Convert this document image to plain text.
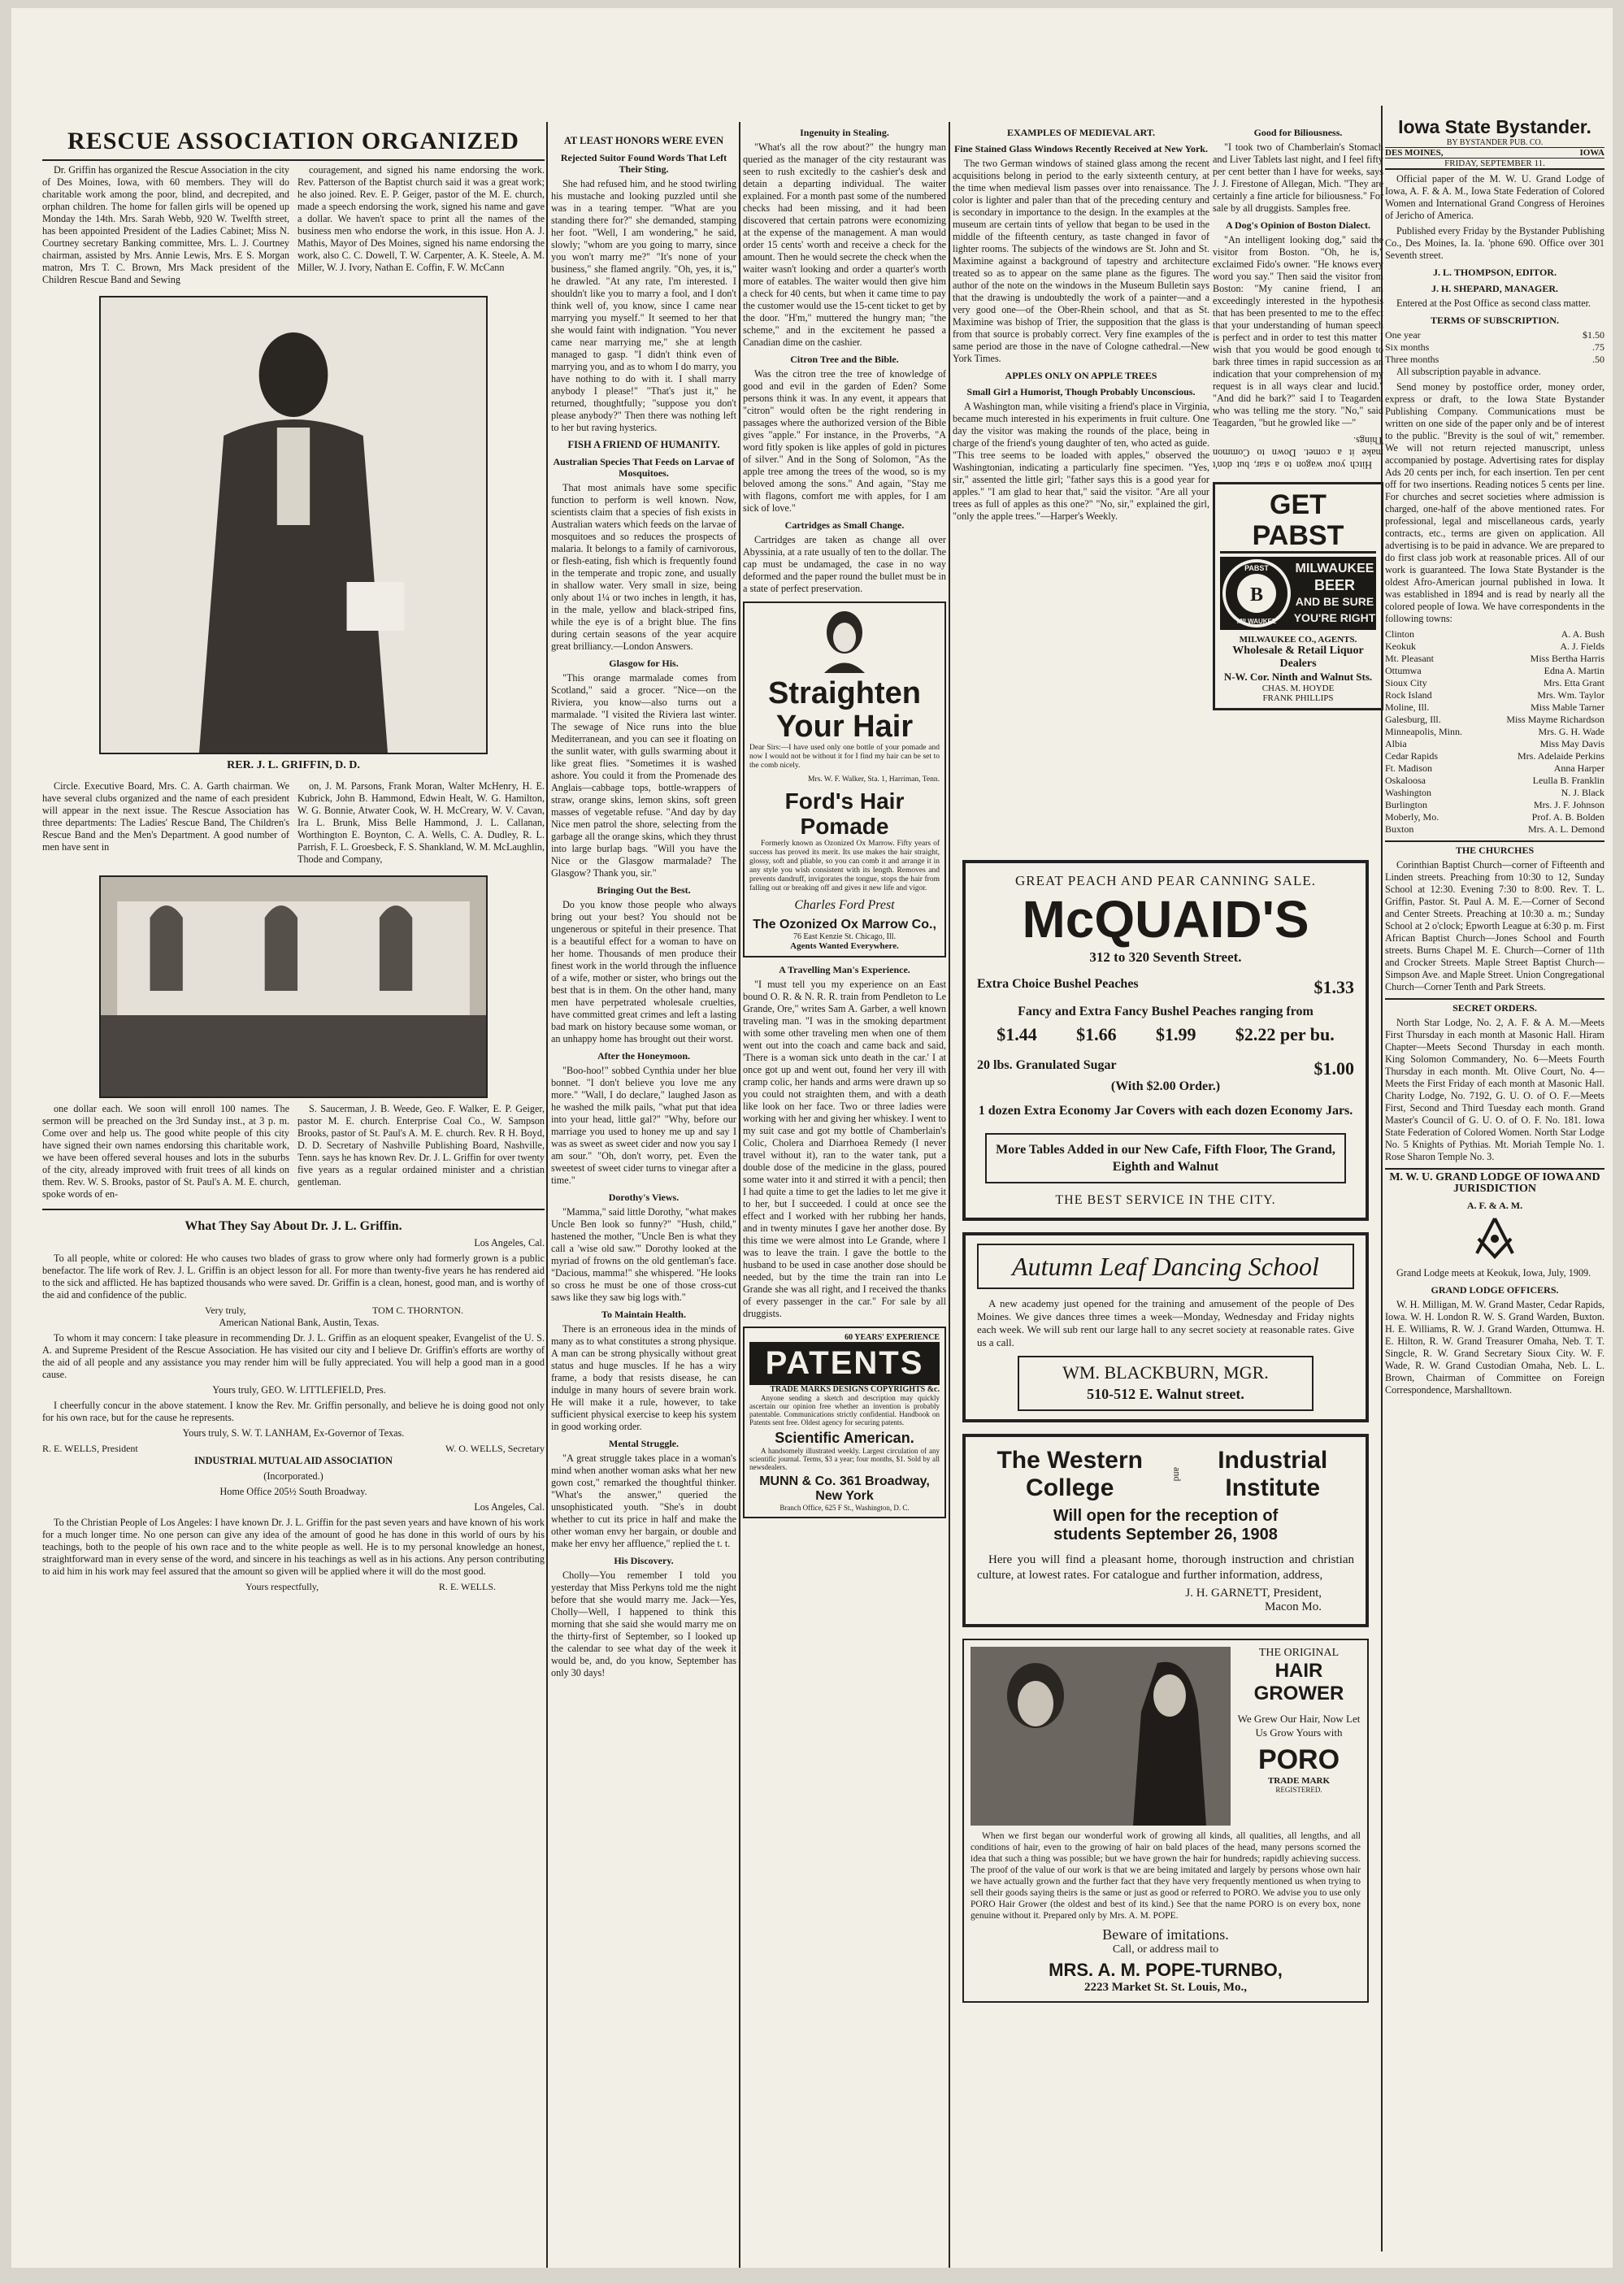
RESCUE ASSOCIATION ORGANIZED

Dr. Griffin has organized the Rescue Association in the city of Des Moines, Iowa, with 60 members. They will do charitable work among the poor, blind, and decrepited, and orphan children. The home for fallen girls will be opened up Monday the 14th. Mrs. Sarah Webb, 920 W. Twelfth street, has been appointed President of the Ladies Cabinet; Miss N. Courtney secretary Banking committee, Mrs. L. J. Courtney chairman, assisted by Mrs. Annie Lewis, Mrs. E S. Morgan matron, Mrs T. C. Brown, Mrs Mack president of the Children Rescue Band and Sewing

couragement, and signed his name endorsing the work. Rev. Patterson of the Baptist church said it was a great work; he also joined. Rev. E. P. Geiger, pastor of the M. E. church, made a speech endorsing the work, signed his name and gave a dollar. We haven't space to print all the names of the business men who endorse the work, in this issue. Hon A. J. Mathis, Mayor of Des Moines, signed his name endorsing the work, also C. C. Dowell, T. W. Carpenter, A. K. Steele, A. M. Miller, W. J. Ivory, Nathan E. Coffin, F. W. McCann

RER. J. L. GRIFFIN, D. D.

Circle. Executive Board, Mrs. C. A. Garth chairman. We have several clubs organized and the name of each president will appear in the next issue. The Rescue Association has three departments: The Ladies' Rescue Band, The Children's Rescue Band and the Men's Department. A good number of men have sent in

on, J. M. Parsons, Frank Moran, Walter McHenry, H. E. Kubrick, John B. Hammond, Edwin Healt, W. G. Hamilton, W. G. Bonnie, Atwater Cook, W. H. McCreary, W. V. Cavan, Ira L. Brunk, Miss Belle Hammond, J. L. Callanan, Worthington E. Boynton, C. A. Wells, C. A. Dudley, R. L. Parrish, F. L. Groesbeck, F. S. Shankland, W. M. McLaughlin, Thode and Company,

one dollar each. We soon will enroll 100 names. The sermon will be preached on the 3rd Sunday inst., at 3 p. m. Come over and help us. The good white people of this city have signed their own names endorsing this charitable work, we have been offered several houses and lots in the suburbs of the city, already improved with fruit trees of all kinds on them. Rev. W. S. Brooks, pastor of St. Paul's A. M. E. church, spoke words of en-

S. Saucerman, J. B. Weede, Geo. F. Walker, E. P. Geiger, pastor M. E. church. Enterprise Coal Co., W. Sampson Brooks, pastor of St. Paul's A. M. E. church. Rev. R H. Boyd, D. D. Secretary of Nashville Publishing Board, Nashville, Tenn. says he has known Rev. Dr. J. L. Griffin for over twenty five years as a regular ordained minister and a christian gentleman.

What They Say About Dr. J. L. Griffin.

Los Angeles, Cal.

To all people, white or colored: He who causes two blades of grass to grow where only had formerly grown is a public benefactor. The life work of Rev. J. L. Griffin is an object lesson for all. For more than twenty-five years he has rendered aid to the sick and afflicted. He has baptized thousands who were saved. Dr. Griffin is a clean, honest, good man, and is worthy of the aid and confidence of the public.

Very truly,	TOM C. THORNTON.

American National Bank, Austin, Texas.

To whom it may concern: I take pleasure in recommending Dr. J. L. Griffin as an eloquent speaker, Evangelist of the U. S. A. and Supreme President of the Rescue Association. He has visited our city and I believe Dr. Griffin's efforts are worthy of the aid of all people and any assistance you may render him will be fully appreciated. You will help a good man in a good cause.

Yours truly, GEO. W. LITTLEFIELD, Pres.

I cheerfully concur in the above statement. I know the Rev. Mr. Griffin personally, and believe he is doing good not only for his own race, but for the cause he represents.

Yours truly, S. W. T. LANHAM, Ex-Governor of Texas.

R. E. WELLS, President	W. O. WELLS, Secretary

INDUSTRIAL MUTUAL AID ASSOCIATION

(Incorporated.)

Home Office 205½ South Broadway.

Los Angeles, Cal.

To the Christian People of Los Angeles: I have known Dr. J. L. Griffin for the past seven years and have known of his work for a much longer time. No one person can give any idea of the amount of good he has done in this world of ours by his teachings, both to the people of his own race and to the white people as well. He is to my personal knowledge an honest, straightforward man in every sense of the word, and sincere in his teachings as well as in his actions. Any person contributing to aid him in his work may feel assured that the amount so given will be applied where it will do the most good.

Yours respectfully,	R. E. WELLS.
AT LEAST HONORS WERE EVEN
Rejected Suitor Found Words That Left Their Sting.

She had refused him, and he stood twirling his mustache and looking puzzled until she was in a tearing temper. "What are you standing there for?" she demanded, stamping her foot. "Well, I am wondering," he said, slowly; "whom are you going to marry, since you won't marry me?" "It's none of your business," she flamed angrily. "Oh, yes, it is," he drawled. "At any rate, I'm interested. I shouldn't like you to marry a fool, and I don't think well of, you know, since I came near marrying you myself." It seemed to her that she would faint with indignation. "You never came near marrying me," she at length managed to gasp. "I didn't think even of marrying you, and as to whom I do marry, you have nothing to do with it. I shall marry anybody I please!" "That's just it," he returned, thoughtfully; "suppose you don't please anybody?" Then there was nothing left to her but raving hysterics.

FISH A FRIEND OF HUMANITY.
Australian Species That Feeds on Larvae of Mosquitoes.

That most animals have some specific function to perform is well known. Now, scientists claim that a species of fish exists in Australian waters which feeds on the larvae of mosquitoes and so reduces the prospects of malaria. It belongs to a family of carnivorous, or flesh-eating, fish which is frequently found in the temperate and tropic zone, and usually in shallow water. Very small in size, being only about 1¼ or two inches in length, it has, in the male, yellow and black-striped fins, while the eye is of a bright blue. The fins during certain seasons of the year acquire great brilliancy.—London Answers.

Glasgow for His.

"This orange marmalade comes from Scotland," said a grocer. "Nice—on the Riviera, you know—also turns out a marmalade. "I visited the Riviera last winter. The sewage of Nice runs into the blue Mediterranean, and you can see it floating on the sunlit water, with gulls swarming about it like great flies. "Sometimes it is washed ashore. You could it from the Promenade des Anglais—cabbage tops, bottle-wrappers of straw, orange skins, lemon skins, soft green masses of vegetable refuse. "And day by day Nice men patrol the shore, selecting from the garbage all the orange skins, which they thrust into large burlap bags. "Will you have the Nice or the Glasgow marmalade? The Glasgow? Thank you, sir."

Bringing Out the Best.

Do you know those people who always bring out your best? You should not be ungenerous or spiteful in their presence. That is a beautiful effect for a woman to have on her home. Thousands of men produce their finest work in the world through the influence of a wife, mother or sister, who brings out the best that is in them. On the other hand, many men have perpetrated wholesale cruelties, have committed great crimes and left a lasting bad mark on history because some woman, or an unhappy home has brought out their worst.

After the Honeymoon.

"Boo-hoo!" sobbed Cynthia under her blue bonnet. "I don't believe you love me any more." "Wall, I do declare," laughed Jason as he washed the milk pails, "what put that idea into your head, little gal?" "Why, before our marriage you used to honey me up and say I was as sweet as sweet cider and now you say I am sour." "Oh, don't worry, pet. Even the sweetest of sweet cider turns to vinegar after a time."

Dorothy's Views.

"Mamma," said little Dorothy, "what makes Uncle Ben look so funny?" "Hush, child," hastened the mother, "Uncle Ben is what they call a 'wise old saw.'" Dorothy looked at the myriad of frowns on the old gentleman's face. "Dacious, mamma!" she whispered. "He looks so cross he must be one of those cross-cut saws like they saw big logs with."

To Maintain Health.

There is an erroneous idea in the minds of many as to what constitutes a strong physique. A man can be strong physically without great status and huge muscles. If he has a wiry frame, a body that resists disease, he can indulge in many hours of severe brain work. He will make it a rule, however, to take sufficient physical exercise to keep his system in good working order.

Mental Struggle.

"A great struggle takes place in a woman's mind when another woman asks what her new gown cost," remarked the thoughtful thinker. "What's the answer," queried the unsophisticated youth. "She's in doubt whether to cut its price in half and make the other woman envy her bargain, or double and make her envy her affluence," replied the t. t.

His Discovery.

Cholly—You remember I told you yesterday that Miss Perkyns told me the night before that she would marry me. Jack—Yes, Cholly—Well, I happened to think this morning that she said she would marry me on the thirty-first of September, so I looked up the calendar to see what day of the week it would be, and, do you know, September has only 30 days!

Ingenuity in Stealing.

"What's all the row about?" the hungry man queried as the manager of the city restaurant was seen to rush excitedly to the cashier's desk and detain a departing individual. The waiter explained. For a month past some of the numbered checks had been missing, and it had been discovered that certain patrons were economizing at the expense of the management. A man would order 15 cents' worth and receive a check for the amount. Then he would secrete the check when the waiter wasn't looking and order a quarter's worth more of eatables. The waiter would then give him a check for 40 cents, but when it came time to pay the customer would use the 15-cent ticket to get by the door. "H'm," muttered the hungry man; "the scheme," and in the excitement he passed a Canadian dime on the cashier.

Citron Tree and the Bible.

Was the citron tree the tree of knowledge of good and evil in the garden of Eden? Some persons think it was. In any event, it appears that "citron" would often be the right rendering in passages where the authorized version of the Bible gives "apple." For instance, in the Proverbs, "A word fitly spoken is like apples of gold in pictures of silver." And in the Song of Solomon, "As the apple tree among the trees of the wood, so is my beloved among the sons." And again, "Stay me with flagons, comfort me with apples, for I am sick of love."

Cartridges as Small Change.

Cartridges are taken as change all over Abyssinia, at a rate usually of ten to the dollar. The cap must be undamaged, the case in no way deformed and the paper round the bullet must be in a state of perfect preservation.

Straighten
Your Hair

Dear Sirs:—I have used only one bottle of your pomade and now I would not be without it for I find my hair can be set to the comb nicely.

Mrs. W. F. Walker, Sta. 1, Harriman, Tenn.

Ford's Hair
Pomade

Formerly known as Ozonized Ox Marrow. Fifty years of success has proved its merit. Its use makes the hair straight, glossy, soft and pliable, so you can comb it and arrange it in any style you wish consistent with its length. Removes and prevents dandruff, invigorates the tongue, stops the hair from falling out or breaking off and gives it new life and vigor.

Charles Ford Prest
The Ozonized Ox Marrow Co.,
76 East Kenzie St. Chicago, Ill.
Agents Wanted Everywhere.
A Travelling Man's Experience.

"I must tell you my experience on an East bound O. R. & N. R. R. train from Pendleton to Le Grande, Ore," writes Sam A. Garber, a well known traveling man. "I was in the smoking department with some other traveling men when one of them went out into the coach and came back and said, 'There is a woman sick unto death in the car.' I at once got up and went out, found her very ill with cramp colic, her hands and arms were drawn up so you could not straighten them, and with a death like look on her face. Two or three ladies were working with her and giving her whiskey. I went to my suit case and got my bottle of Chamberlain's Colic, Cholera and Diarrhoea Remedy (I never travel without it), ran to the water tank, put a double dose of the medicine in the glass, poured some water into it and stirred it with a pencil; then I had quite a time to get the ladies to let me give it to her, but I succeeded. I could at once see the effect and I worked with her rubbing her hands, and in twenty minutes I gave her another dose. By this time we were almost into Le Grande, where I was to leave the train. I gave the bottle to the husband to be used in case another dose should be needed, but by the time the train ran into Le Grande she was all right, and I received the thanks of every passenger in the car." For sale by all druggists.

60 YEARS' EXPERIENCE
PATENTS
TRADE MARKS DESIGNS COPYRIGHTS &c.

Anyone sending a sketch and description may quickly ascertain our opinion free whether an invention is probably patentable. Communications strictly confidential. Handbook on Patents sent free. Oldest agency for securing patents.

Scientific American.

A handsomely illustrated weekly. Largest circulation of any scientific journal. Terms, $3 a year; four months, $1. Sold by all newsdealers.

MUNN & Co. 361 Broadway, New York
Branch Office, 625 F St., Washington, D. C.
EXAMPLES OF MEDIEVAL ART.
Fine Stained Glass Windows Recently Received at New York.

The two German windows of stained glass among the recent acquisitions belong in period to the early sixteenth century, at the time when medieval lism passes over into renaissance. The color is lighter and paler than that of the preceding century and is secondary in importance to the design. In the examples at the museum are certain tints of yellow that began to be used in the middle of the fifteenth century, as taste changed in favor of lighter rooms. The subjects of the windows are St. John and St. Maximine against a background of tapestry and architecture treated so as to appear on the same plane as the figures. The author of the note on the windows in the Museum Bulletin says that the drawing is undoubtedly the work of a painter—and a very good one—of the Ober-Rhein school, and that as St. Maximine was bishop of Trier, the supposition that the glass is from that source is probably correct. Very fine examples of the same period are those in the nave of Cologne cathedral.—New York Times.

APPLES ONLY ON APPLE TREES
Small Girl a Humorist, Though Probably Unconscious.

A Washington man, while visiting a friend's place in Virginia, became much interested in his experiments in fruit culture. One day the visitor was making the rounds of the place, being in charge of the friend's young daughter of ten, who acted as guide. "This tree seems to be loaded with apples," observed the Washingtonian, indicating a particularly fine specimen. "Yes, sir," assented the little girl; "father says this is a good year for apples." "I am glad to hear that," said the visitor. "Are all your trees as full of apples as this one?" "No, sir," explained the girl, "only the apple trees."—Harper's Weekly.

GREAT PEACH AND PEAR CANNING SALE.
McQUAID'S
312 to 320 Seventh Street.
Extra Choice Bushel Peaches	$1.33
Fancy and Extra Fancy Bushel Peaches ranging from
$1.44 $1.66 $1.99 $2.22 per bu.
20 lbs. Granulated Sugar	$1.00
(With $2.00 Order.)
1 dozen Extra Economy Jar Covers with each dozen Economy Jars.
More Tables Added in our New Cafe, Fifth Floor, The Grand, Eighth and Walnut
THE BEST SERVICE IN THE CITY.
Autumn Leaf Dancing School

A new academy just opened for the training and amusement of the people of Des Moines. We give dances three times a week—Monday, Wednesday and Friday nights each week. We will sub rent our large hall to any secret society at reasonable rates. Give us a call.

WM. BLACKBURN, MGR.
510-512 E. Walnut street.
The Western College
and
Industrial Institute
Will open for the reception of
students September 26, 1908

Here you will find a pleasant home, thorough instruction and christian culture, at lowest rates. For catalogue and further information, address,

J. H. GARNETT, President,
Macon Mo.
THE ORIGINAL
HAIR GROWER
We Grew Our Hair, Now Let Us Grow Yours with
PORO
TRADE MARK
REGISTERED.

When we first began our wonderful work of growing all kinds, all qualities, all lengths, and all conditions of hair, even to the growing of hair on bald places of the head, many persons scorned the idea that such a thing was possible; but we have grown the hair for hundreds; rapidly achieving success. The proof of the value of our work is that we are being imitated and largely by persons whose own hair we have actually grown and the further fact that they have very frequently mentioned us when trying to sell their goods saying theirs is the same or just as good or referred to PORO. We advise you to use only PORO Hair Grower (the oldest and best of its kind.) See that the name PORO is on every box, none genuine without it. Prepared only by Mrs. A. M. POPE.

Beware of imitations.
Call, or address mail to
MRS. A. M. POPE-TURNBO,
2223 Market St. St. Louis, Mo.,
Good for Biliousness.

"I took two of Chamberlain's Stomach and Liver Tablets last night, and I feel fifty per cent better than I have for weeks, says J. J. Firestone of Allegan, Mich. "They are certainly a fine article for biliousness." For sale by all druggists. Samples free.

A Dog's Opinion of Boston Dialect.

"An intelligent looking dog," said the visitor from Boston. "Oh, he is," exclaimed Fido's owner. "He knows every word you say." Then said the visitor from Boston: "My canine friend, I am exceedingly interested in the hypothesis that has been presented to me to the effect that your understanding of human speech is perfect and in order to test this matter I wish that you would be good enough to bark three times in rapid succession as an indication that your comprehension of my request is in all ways clear and lucid." "And did he bark?" said I to Teagarden, who was telling me the story. "No," said Teagarden, "but he growled like —"

Hitch your wagon to a star, but don't make it a comet. Down to Common Things.

GET PABST
B
PABST
MILWAUKEE
MILWAUKEE
BEER
AND BE SURE
YOU'RE RIGHT
MILWAUKEE CO., AGENTS.
Wholesale & Retail Liquor Dealers
N-W. Cor. Ninth and Walnut Sts.
CHAS. M. HOYDE
FRANK PHILLIPS
Iowa State Bystander.
BY BYSTANDER PUB. CO.
DES MOINES,	IOWA
FRIDAY, SEPTEMBER 11.

Official paper of the M. W. U. Grand Lodge of Iowa, A. F. & A. M., Iowa State Federation of Colored Women and International Grand Congress of Heroines of Jericho of America.

Published every Friday by the Bystander Publishing Co., Des Moines, Ia. Ia. 'phone 690. Office over 301 Seventh street.

J. L. THOMPSON, EDITOR.
J. H. SHEPARD, MANAGER.

Entered at the Post Office as second class matter.

TERMS OF SUBSCRIPTION.
One year	$1.50
Six months	.75
Three months	.50

All subscription payable in advance.

Send money by postoffice order, money order, express or draft, to the Iowa State Bystander Publishing Company. Communications must be written on one side of the paper only and be of interest to the public. "Brevity is the soul of wit," remember. We will not return rejected manuscript, unless accompanied by postage. Advertising rates for display Ads 20 cents per inch, for each insertion. Ten per cent off for two insertions. Reading notices 5 cents per line. For churches and secret societies where admission is charged, one-half of the above mentioned rates. For professional, legal and miscellaneous cards, yearly contracts, etc., terms are given on application. All advertising is to be paid in advance. We are prepared to do first class job work at reasonable prices. All of our work is guaranteed. The Iowa State Bystander is the oldest Afro-American journal published in Iowa. It was established in 1894 and is read by nearly all the colored people of Iowa. We have correspondents in the following towns:

Clinton	A. A. Bush
Keokuk	A. J. Fields
Mt. Pleasant	Miss Bertha Harris
Ottumwa	Edna A. Martin
Sioux City	Mrs. Etta Grant
Rock Island	Mrs. Wm. Taylor
Moline, Ill.	Miss Mable Tarner
Galesburg, Ill.	Miss Mayme Richardson
Minneapolis, Minn.	Mrs. G. H. Wade
Albia	Miss May Davis
Cedar Rapids	Mrs. Adelaide Perkins
Ft. Madison	Anna Harper
Oskaloosa	Leulla B. Franklin
Washington	N. J. Black
Burlington	Mrs. J. F. Johnson
Moberly, Mo.	Prof. A. B. Bolden
Buxton	Mrs. A. L. Demond
THE CHURCHES

Corinthian Baptist Church—corner of Fifteenth and Linden streets. Preaching from 10:30 to 12, Sunday School at 12:30. Evening 7:30 to 8:00. Rev. T. L. Griffin, Pastor. St. Paul A. M. E.—Corner of Second and Center Streets. Preaching at 10:30 a. m.; Sunday School at 2 o'clock; Epworth League at 6:30 p. m. First African Baptist Church—Jones School and Fourth streets. Burns Chapel M. E. Church—Corner of 11th and Crocker Streets. Maple Street Baptist Church—Simpson Ave. and Maple Street. Union Congregational Church—Corner Tenth and Park Streets.

SECRET ORDERS.

North Star Lodge, No. 2, A. F. & A. M.—Meets First Thursday in each month at Masonic Hall. Hiram Chapter—Meets Second Thursday in each month. King Solomon Commandery, No. 6—Meets Fourth Thursday in each month. Mt. Olive Court, No. 4—Meets the First Friday of each month at Masonic Hall. Charity Lodge, No. 7192, G. U. O. of O. F.—Meets First, Second and Third Tuesday each month. Grand Master's Council of G. U. O. of O. F. No. 181. Iowa State Federation of Colored Women. North Star Lodge No. 5 Knights of Pythias. Mt. Moriah Temple No. 1. Rose Sharon Temple No. 3.

M. W. U. GRAND LODGE OF IOWA AND JURISDICTION
A. F. & A. M.

Grand Lodge meets at Keokuk, Iowa, July, 1909.

GRAND LODGE OFFICERS.

W. H. Milligan, M. W. Grand Master, Cedar Rapids, Iowa. W. H. London R. W. S. Grand Warden, Buxton. H. E. Williams, R. W. J. Grand Warden, Ottumwa. H. E. Hilton, R. W. Grand Treasurer Omaha, Neb. T. T. Singcle, R. W. Grand Secretary Sioux City. W. F. Wade, R. W. Grand Custodian Omaha, Neb. L. L. Brown, Chairman of Committee on Foreign Correspondence, Marshalltown.
